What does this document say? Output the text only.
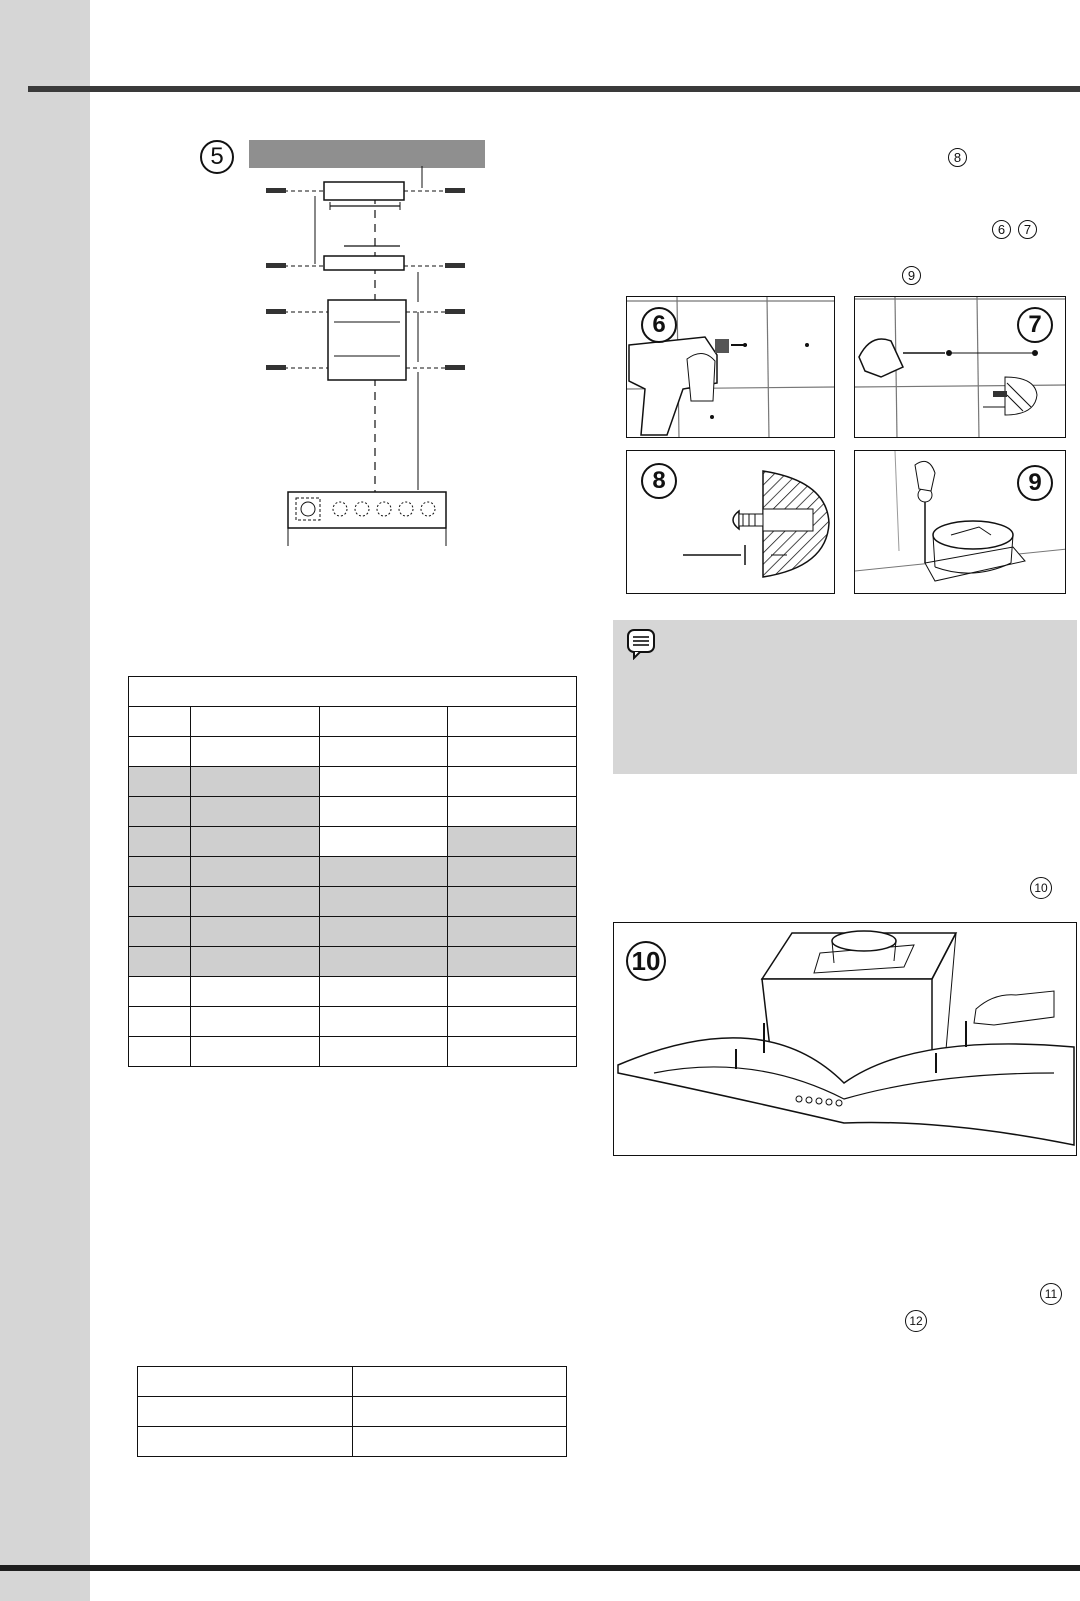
5	8
6	7
9
6	7
8	9
10
10
11
12
